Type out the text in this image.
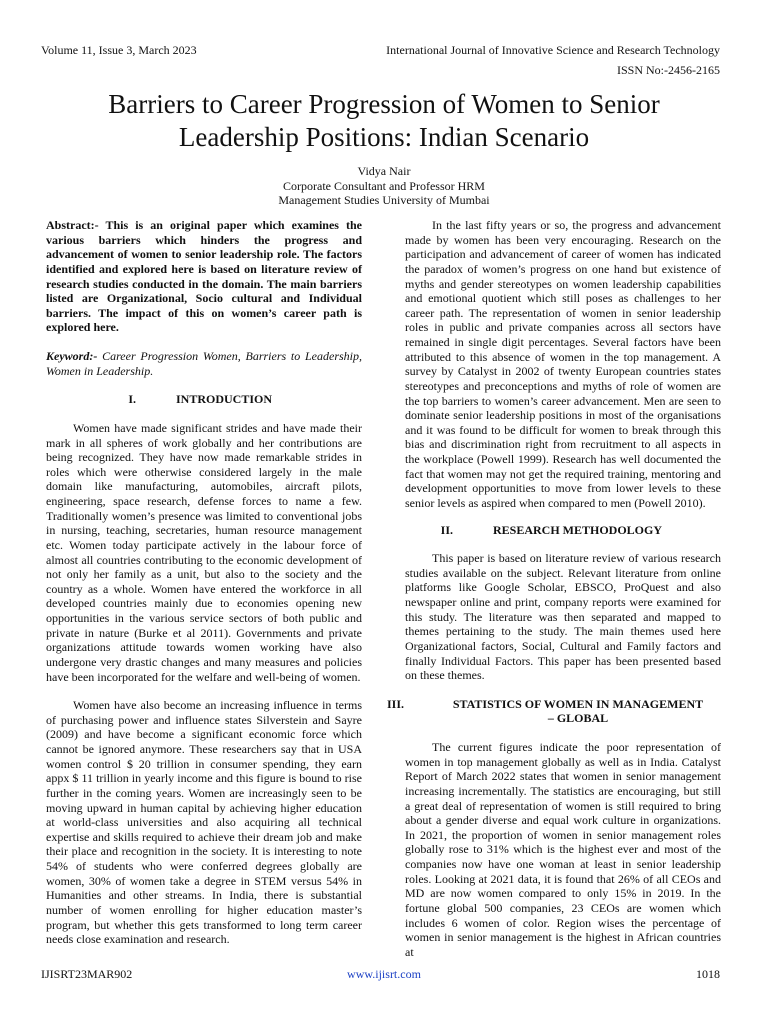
Volume 11, Issue 3, March 2023	International Journal of Innovative Science and Research Technology
ISSN No:-2456-2165
Barriers to Career Progression of Women to Senior
Leadership Positions: Indian Scenario
Vidya Nair
Corporate Consultant and Professor HRM
Management Studies University of Mumbai

Abstract:- This is an original paper which examines the various barriers which hinders the progress and advancement of women to senior leadership role. The factors identified and explored here is based on literature review of research studies conducted in the domain. The main barriers listed are Organizational, Socio cultural and Individual barriers. The impact of this on women’s career path is explored here.

Keyword:- Career Progression Women, Barriers to Leadership, Women in Leadership.

I.	INTRODUCTION

Women have made significant strides and have made their mark in all spheres of work globally and her contributions are being recognized. They have now made remarkable strides in roles which were otherwise considered largely in the male domain like manufacturing, automobiles, aircraft pilots, engineering, space research, defense forces to name a few. Traditionally women’s presence was limited to conventional jobs in nursing, teaching, secretaries, human resource management etc. Women today participate actively in the labour force of almost all countries contributing to the economic development of not only her family as a unit, but also to the society and the country as a whole. Women have entered the workforce in all developed countries mainly due to economies opening new opportunities in the various service sectors of both public and private in nature (Burke et al 2011). Governments and private organizations attitude towards women working have also undergone very drastic changes and many measures and policies have been incorporated for the welfare and well-being of women.

Women have also become an increasing influence in terms of purchasing power and influence states Silverstein and Sayre (2009) and have become a significant economic force which cannot be ignored anymore. These researchers say that in USA women control $ 20 trillion in consumer spending, they earn appx $ 11 trillion in yearly income and this figure is bound to rise further in the coming years. Women are increasingly seen to be moving upward in human capital by achieving higher education at world-class universities and also acquiring all technical expertise and skills required to achieve their dream job and make their place and recognition in the society. It is interesting to note 54% of students who were conferred degrees globally are women, 30% of women take a degree in STEM versus 54% in Humanities and other streams. In India, there is substantial number of women enrolling for higher education master’s program, but whether this gets transformed to long term career needs close examination and research.

In the last fifty years or so, the progress and advancement made by women has been very encouraging. Research on the participation and advancement of career of women has indicated the paradox of women’s progress on one hand but existence of myths and gender stereotypes on women leadership capabilities and emotional quotient which still poses as challenges to her career path. The representation of women in senior leadership roles in public and private companies across all sectors have remained in single digit percentages. Several factors have been attributed to this absence of women in the top management. A survey by Catalyst in 2002 of twenty European countries states stereotypes and preconceptions and myths of role of women are the top barriers to women’s career advancement. Men are seen to dominate senior leadership positions in most of the organisations and it was found to be difficult for women to break through this bias and discrimination right from recruitment to all aspects in the workplace (Powell 1999). Research has well documented the fact that women may not get the required training, mentoring and development opportunities to move from lower levels to these senior levels as aspired when compared to men (Powell 2010).

II.	RESEARCH METHODOLOGY

This paper is based on literature review of various research studies available on the subject. Relevant literature from online platforms like Google Scholar, EBSCO, ProQuest and also newspaper online and print, company reports were examined for this study. The literature was then separated and mapped to themes pertaining to the study. The main themes used here Organizational factors, Social, Cultural and Family factors and finally Individual Factors. This paper has been presented based on these themes.

III.	STATISTICS OF WOMEN IN MANAGEMENT
– GLOBAL

The current figures indicate the poor representation of women in top management globally as well as in India. Catalyst Report of March 2022 states that women in senior management increasing incrementally. The statistics are encouraging, but still a great deal of representation of women is still required to bring about a gender diverse and equal work culture in organizations. In 2021, the proportion of women in senior management roles globally rose to 31% which is the highest ever and most of the companies now have one woman at least in senior leadership roles. Looking at 2021 data, it is found that 26% of all CEOs and MD are now women compared to only 15% in 2019. In the fortune global 500 companies, 23 CEOs are women which includes 6 women of color. Region wises the percentage of women in senior management is the highest in African countries at

IJISRT23MAR902	www.ijisrt.com	1018
